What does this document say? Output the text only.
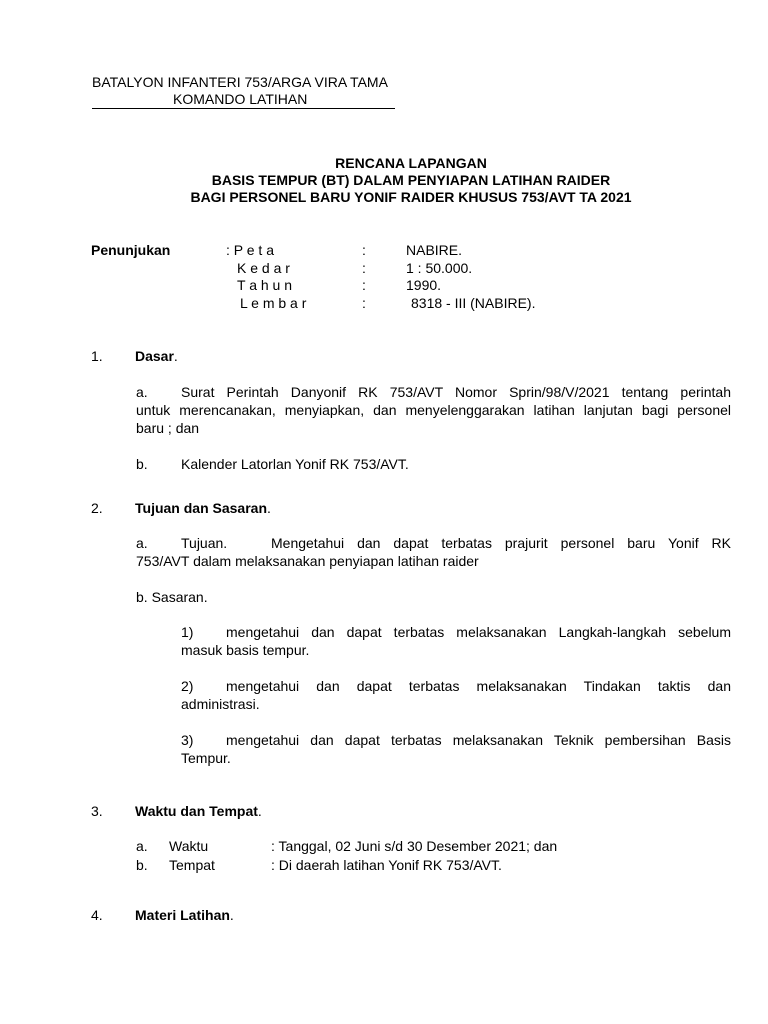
BATALYON INFANTERI 753/ARGA VIRA TAMA
KOMANDO LATIHAN
RENCANA LAPANGAN
BASIS TEMPUR (BT) DALAM PENYIAPAN LATIHAN RAIDER
BAGI PERSONEL BARU YONIF RAIDER KHUSUS 753/AVT TA 2021
Penunjukan	: P e t a	:	NABIRE.
K e d a r	:	1 : 50.000.
T a h u n	:	1990.
L e m b a r	:	8318 - III (NABIRE).
1. Dasar.
a. Surat Perintah Danyonif RK 753/AVT Nomor Sprin/98/V/2021 tentang perintah
untuk merencanakan, menyiapkan, dan menyelenggarakan latihan lanjutan bagi personel
baru ; dan
b. Kalender Latorlan Yonif RK 753/AVT.
2. Tujuan dan Sasaran.
a. Tujuan.	Mengetahui dan dapat terbatas prajurit personel baru Yonif RK
753/AVT dalam melaksanakan penyiapan latihan raider
b. Sasaran.
1) mengetahui dan dapat terbatas melaksanakan Langkah-langkah sebelum
masuk basis tempur.
2) mengetahui dan dapat terbatas melaksanakan Tindakan taktis dan
administrasi.
3) mengetahui dan dapat terbatas melaksanakan Teknik pembersihan Basis
Tempur.
3. Waktu dan Tempat.
a. Waktu	: Tanggal, 02 Juni s/d 30 Desember 2021; dan
b. Tempat	: Di daerah latihan Yonif RK 753/AVT.
4. Materi Latihan.
